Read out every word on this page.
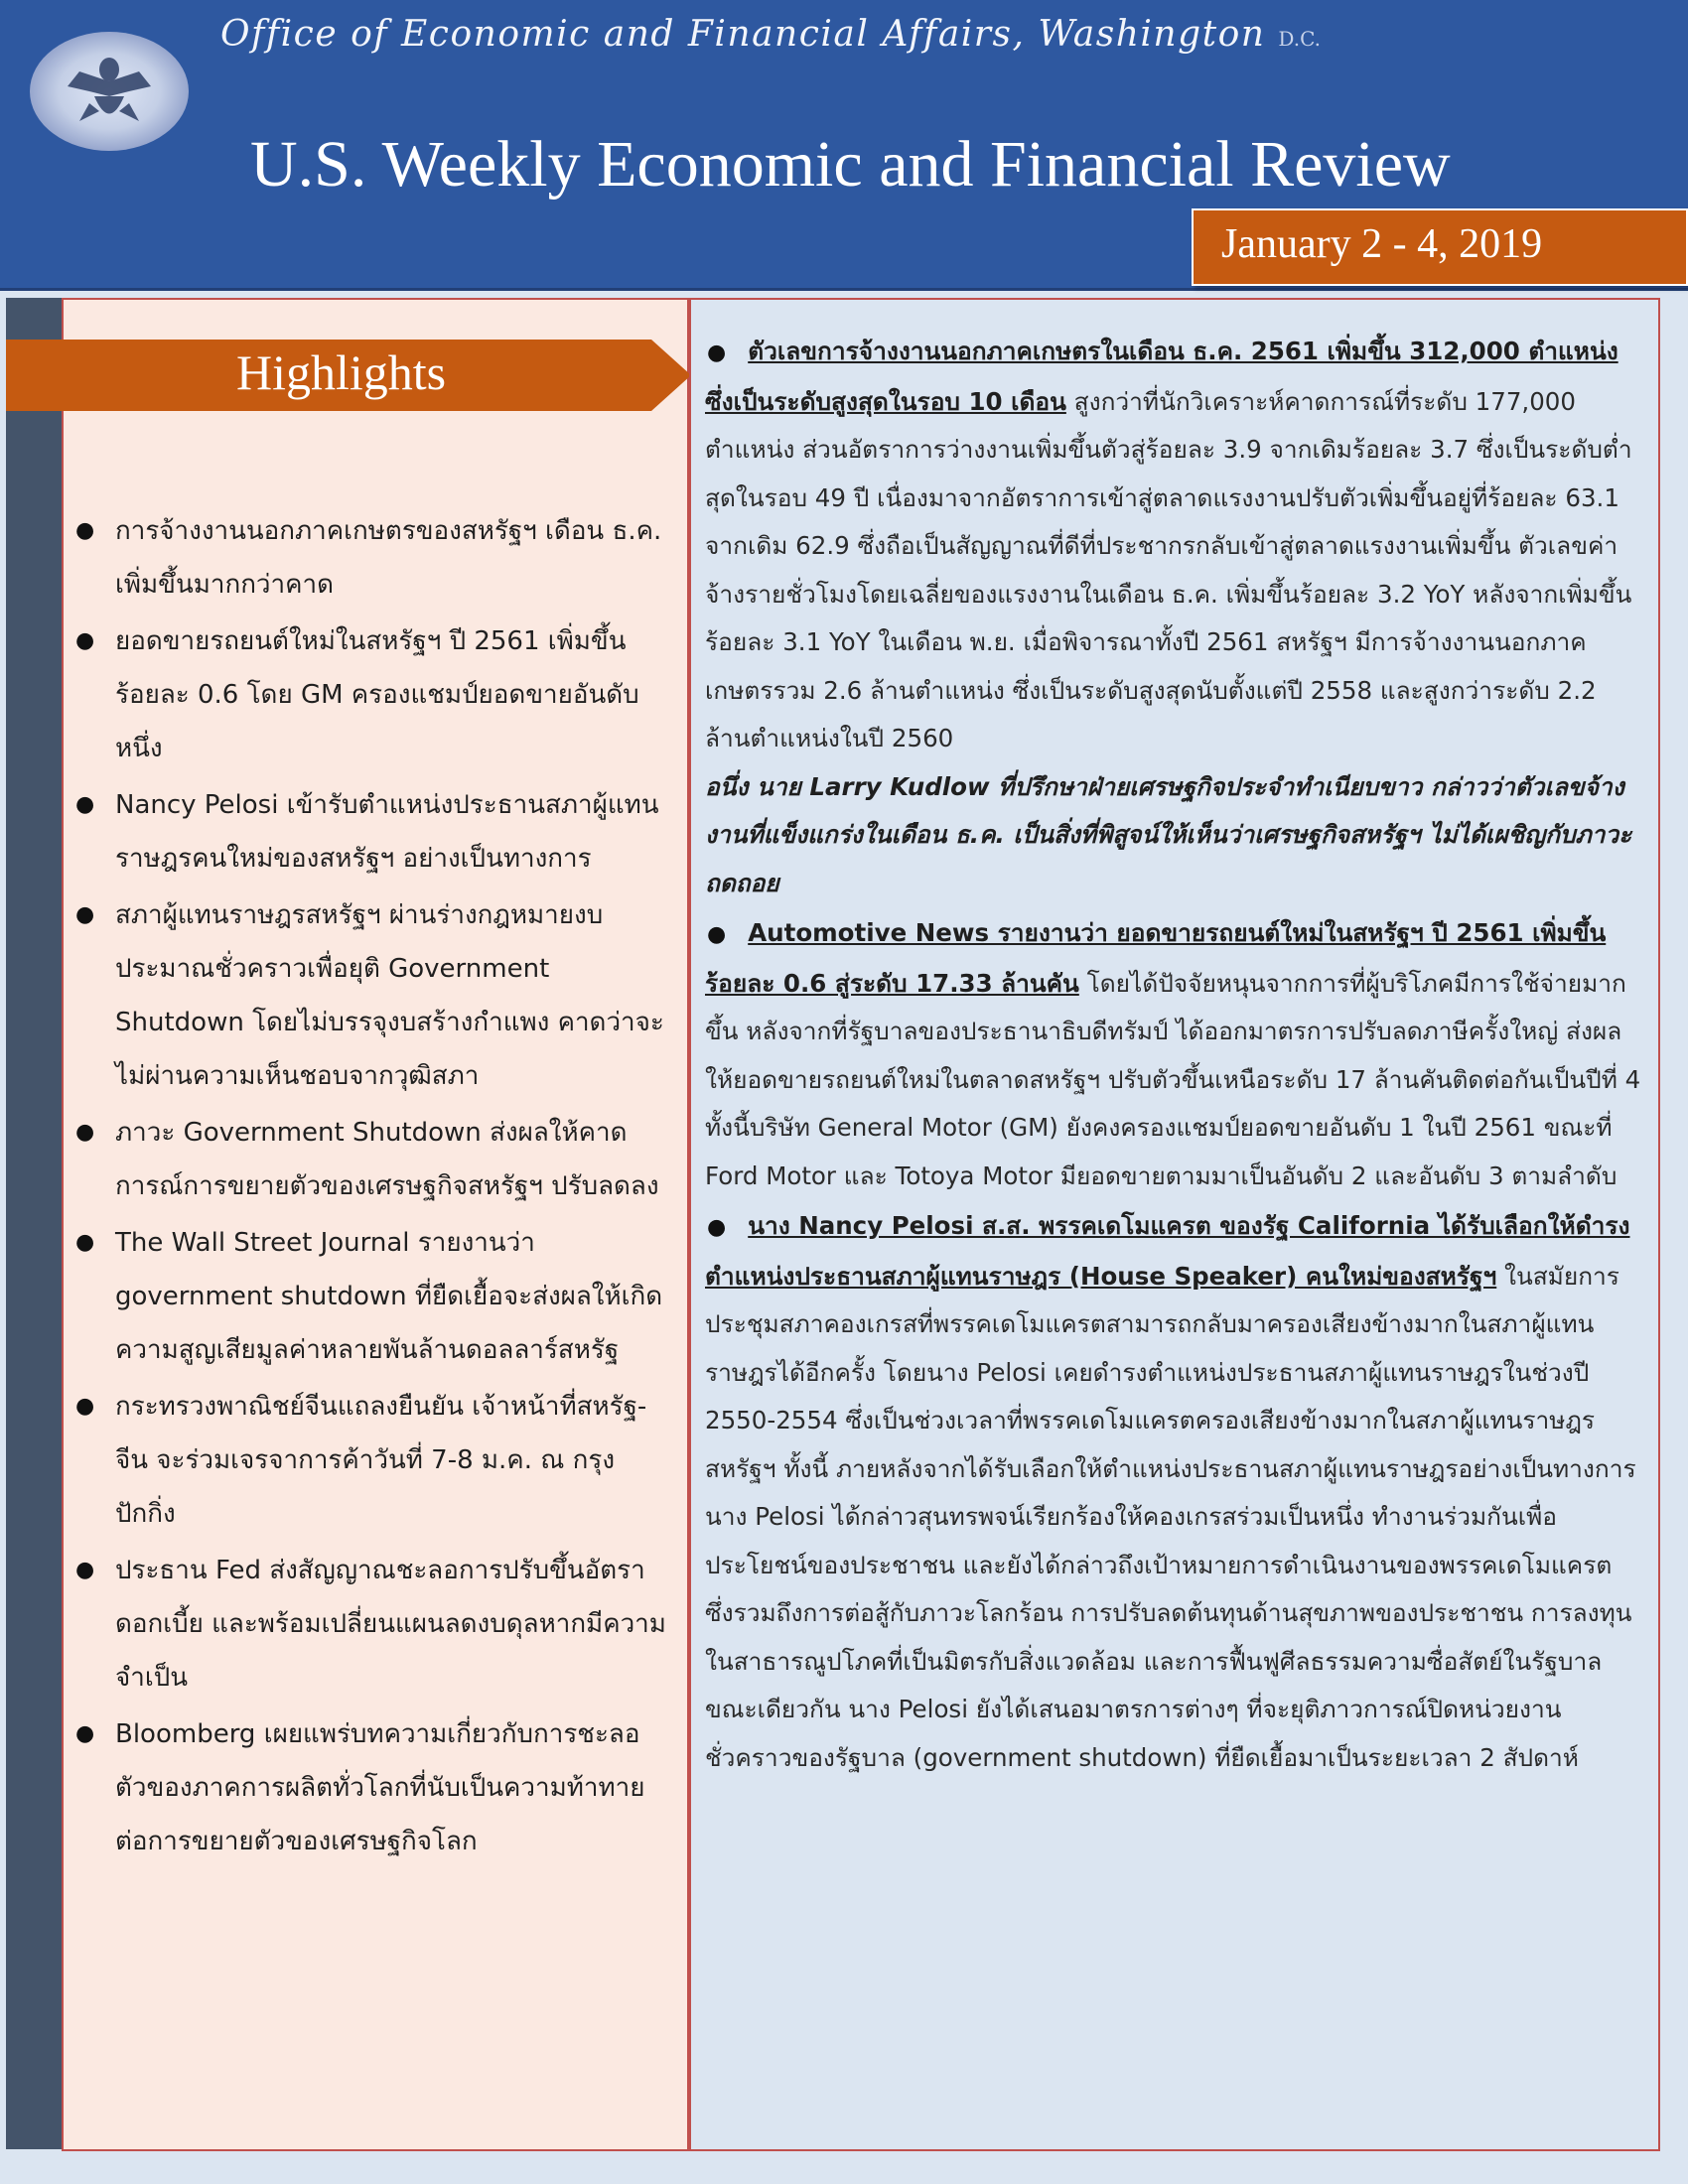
Office of Economic and Financial Affairs, Washington D.C.
U.S. Weekly Economic and Financial Review
January 2 - 4, 2019
Highlights
● การจ้างงานนอกภาคเกษตรของสหรัฐฯ เดือน ธ.ค. เพิ่มขึ้นมากกว่าคาด
● ยอดขายรถยนต์ใหม่ในสหรัฐฯ ปี 2561 เพิ่มขึ้นร้อยละ 0.6 โดย GM ครองแชมป์ยอดขายอันดับหนึ่ง
● Nancy Pelosi เข้ารับตำแหน่งประธานสภาผู้แทนราษฎรคนใหม่ของสหรัฐฯ อย่างเป็นทางการ
● สภาผู้แทนราษฎรสหรัฐฯ ผ่านร่างกฎหมายงบประมาณชั่วคราวเพื่อยุติ Government Shutdown โดยไม่บรรจุงบสร้างกำแพง คาดว่าจะไม่ผ่านความเห็นชอบจากวุฒิสภา
● ภาวะ Government Shutdown ส่งผลให้คาดการณ์การขยายตัวของเศรษฐกิจสหรัฐฯ ปรับลดลง
● The Wall Street Journal รายงานว่า government shutdown ที่ยืดเยื้อจะส่งผลให้เกิดความสูญเสียมูลค่าหลายพันล้านดอลลาร์สหรัฐ
● กระทรวงพาณิชย์จีนแถลงยืนยัน เจ้าหน้าที่สหรัฐ-จีน จะร่วมเจรจาการค้าวันที่ 7-8 ม.ค. ณ กรุงปักกิ่ง
● ประธาน Fed ส่งสัญญาณชะลอการปรับขึ้นอัตราดอกเบี้ย และพร้อมเปลี่ยนแผนลดงบดุลหากมีความจำเป็น
● Bloomberg เผยแพร่บทความเกี่ยวกับการชะลอตัวของภาคการผลิตทั่วโลกที่นับเป็นความท้าทายต่อการขยายตัวของเศรษฐกิจโลก
● ตัวเลขการจ้างงานนอกภาคเกษตรในเดือน ธ.ค. 2561 เพิ่มขึ้น 312,000 ตำแหน่ง ซึ่งเป็นระดับสูงสุดในรอบ 10 เดือน สูงกว่าที่นักวิเคราะห์คาดการณ์ที่ระดับ 177,000 ตำแหน่ง ส่วนอัตราการว่างงานเพิ่มขึ้นตัวสู่ร้อยละ 3.9 จากเดิมร้อยละ 3.7 ซึ่งเป็นระดับต่ำสุดในรอบ 49 ปี เนื่องมาจากอัตราการเข้าสู่ตลาดแรงงานปรับตัวเพิ่มขึ้นอยู่ที่ร้อยละ 63.1 จากเดิม 62.9 ซึ่งถือเป็นสัญญาณที่ดีที่ประชากรกลับเข้าสู่ตลาดแรงงานเพิ่มขึ้น ตัวเลขค่าจ้างรายชั่วโมงโดยเฉลี่ยของแรงงานในเดือน ธ.ค. เพิ่มขึ้นร้อยละ 3.2 YoY หลังจากเพิ่มขึ้นร้อยละ 3.1 YoY ในเดือน พ.ย. เมื่อพิจารณาทั้งปี 2561 สหรัฐฯ มีการจ้างงานนอกภาคเกษตรรวม 2.6 ล้านตำแหน่ง ซึ่งเป็นระดับสูงสุดนับตั้งแต่ปี 2558 และสูงกว่าระดับ 2.2 ล้านตำแหน่งในปี 2560
อนึ่ง นาย Larry Kudlow ที่ปรึกษาฝ่ายเศรษฐกิจประจำทำเนียบขาว กล่าวว่าตัวเลขจ้างงานที่แข็งแกร่งในเดือน ธ.ค. เป็นสิ่งที่พิสูจน์ให้เห็นว่าเศรษฐกิจสหรัฐฯ ไม่ได้เผชิญกับภาวะถดถอย
● Automotive News รายงานว่า ยอดขายรถยนต์ใหม่ในสหรัฐฯ ปี 2561 เพิ่มขึ้นร้อยละ 0.6 สู่ระดับ 17.33 ล้านคัน โดยได้ปัจจัยหนุนจากการที่ผู้บริโภคมีการใช้จ่ายมากขึ้น หลังจากที่รัฐบาลของประธานาธิบดีทรัมป์ ได้ออกมาตรการปรับลดภาษีครั้งใหญ่ ส่งผลให้ยอดขายรถยนต์ใหม่ในตลาดสหรัฐฯ ปรับตัวขึ้นเหนือระดับ 17 ล้านคันติดต่อกันเป็นปีที่ 4 ทั้งนี้บริษัท General Motor (GM) ยังคงครองแชมป์ยอดขายอันดับ 1 ในปี 2561 ขณะที่ Ford Motor และ Totoya Motor มียอดขายตามมาเป็นอันดับ 2 และอันดับ 3 ตามลำดับ
● นาง Nancy Pelosi ส.ส. พรรคเดโมแครต ของรัฐ California ได้รับเลือกให้ดำรงตำแหน่งประธานสภาผู้แทนราษฎร (House Speaker) คนใหม่ของสหรัฐฯ ในสมัยการประชุมสภาคองเกรสที่พรรคเดโมแครตสามารถกลับมาครองเสียงข้างมากในสภาผู้แทนราษฎรได้อีกครั้ง โดยนาง Pelosi เคยดำรงตำแหน่งประธานสภาผู้แทนราษฎรในช่วงปี 2550-2554 ซึ่งเป็นช่วงเวลาที่พรรคเดโมแครตครองเสียงข้างมากในสภาผู้แทนราษฎรสหรัฐฯ ทั้งนี้ ภายหลังจากได้รับเลือกให้ตำแหน่งประธานสภาผู้แทนราษฎรอย่างเป็นทางการ นาง Pelosi ได้กล่าวสุนทรพจน์เรียกร้องให้คองเกรสร่วมเป็นหนึ่ง ทำงานร่วมกันเพื่อประโยชน์ของประชาชน และยังได้กล่าวถึงเป้าหมายการดำเนินงานของพรรคเดโมแครต ซึ่งรวมถึงการต่อสู้กับภาวะโลกร้อน การปรับลดต้นทุนด้านสุขภาพของประชาชน การลงทุนในสาธารณูปโภคที่เป็นมิตรกับสิ่งแวดล้อม และการฟื้นฟูศีลธรรมความซื่อสัตย์ในรัฐบาล ขณะเดียวกัน นาง Pelosi ยังได้เสนอมาตรการต่างๆ ที่จะยุติภาวการณ์ปิดหน่วยงานชั่วคราวของรัฐบาล (government shutdown) ที่ยืดเยื้อมาเป็นระยะเวลา 2 สัปดาห์
